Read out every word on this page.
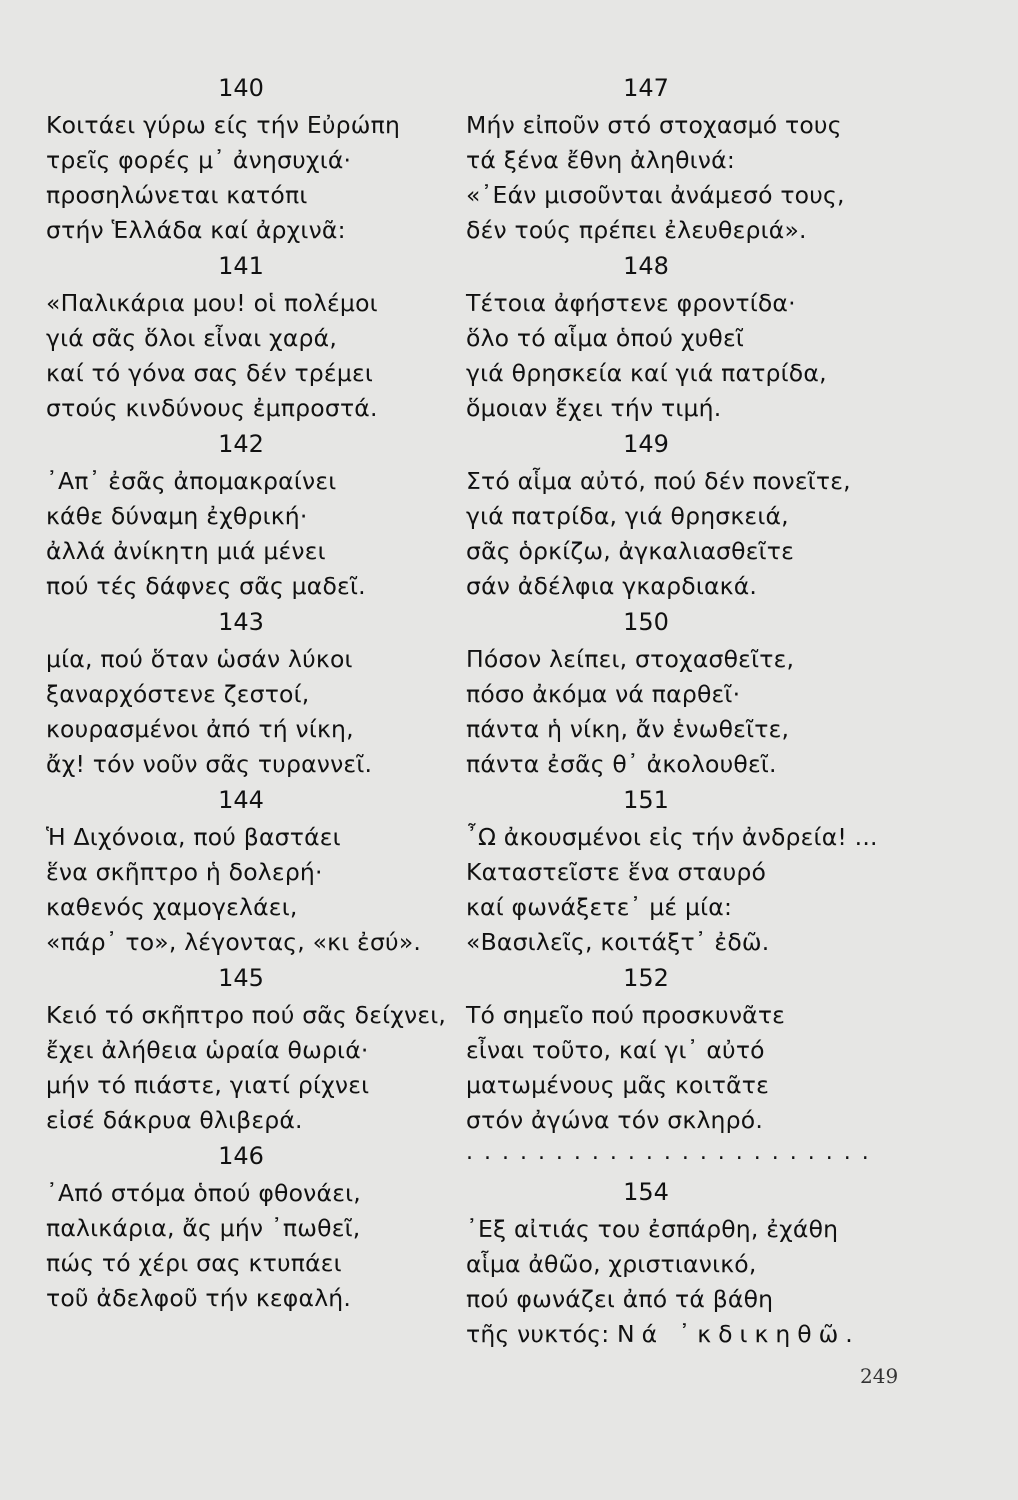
140
Κοιτάει γύρω είς τήν Εὐρώπη
τρεῖς φορές μ᾽ ἀνησυχιά·
προσηλώνεται κατόπι
στήν Ἑλλάδα καί ἀρχινᾶ:
141
«Παλικάρια μου! οἱ πολέμοι
γιά σᾶς ὅλοι εἶναι χαρά,
καί τό γόνα σας δέν τρέμει
στούς κινδύνους ἐμπροστά.
142
᾽Απ᾽ ἐσᾶς ἀπομακραίνει
κάθε δύναμη ἐχθρική·
ἀλλά ἀνίκητη μιά μένει
πού τές δάφνες σᾶς μαδεῖ.
143
μία, πού ὅταν ὡσάν λύκοι
ξαναρχόστενε ζεστοί,
κουρασμένοι ἀπό τή νίκη,
ἄχ! τόν νοῦν σᾶς τυραννεῖ.
144
Ἡ Διχόνοια, πού βαστάει
ἕνα σκῆπτρο ἡ δολερή·
καθενός χαμογελάει,
«πάρ᾽ το», λέγοντας, «κι ἐσύ».
145
Κειό τό σκῆπτρο πού σᾶς δείχνει,
ἔχει ἀλήθεια ὡραία θωριά·
μήν τό πιάστε, γιατί ρίχνει
εἰσέ δάκρυα θλιβερά.
146
᾽Από στόμα ὁπού φθονάει,
παλικάρια, ἄς μήν ᾽πωθεῖ,
πώς τό χέρι σας κτυπάει
τοῦ ἀδελφοῦ τήν κεφαλή.
147
Μήν εἰποῦν στό στοχασμό τους
τά ξένα ἔθνη ἀληθινά:
«᾽Εάν μισοῦνται ἀνάμεσό τους,
δέν τούς πρέπει ἐλευθεριά».
148
Τέτοια ἀφήστενε φροντίδα·
ὅλο τό αἷμα ὁπού χυθεῖ
γιά θρησκεία καί γιά πατρίδα,
ὅμοιαν ἔχει τήν τιμή.
149
Στό αἷμα αὐτό, πού δέν πονεῖτε,
γιά πατρίδα, γιά θρησκειά,
σᾶς ὁρκίζω, ἀγκαλιασθεῖτε
σάν ἀδέλφια γκαρδιακά.
150
Πόσον λείπει, στοχασθεῖτε,
πόσο ἀκόμα νά παρθεῖ·
πάντα ἡ νίκη, ἄν ἑνωθεῖτε,
πάντα ἐσᾶς θ᾽ ἀκολουθεῖ.
151
῏Ω ἀκουσμένοι εἰς τήν ἀνδρεία! ...
Καταστεῖστε ἕνα σταυρό
καί φωνάξετε᾽ μέ μία:
«Βασιλεῖς, κοιτάξτ᾽ ἐδῶ.
152
Τό σημεῖο πού προσκυνᾶτε
εἶναι τοῦτο, καί γι᾽ αὐτό
ματωμένους μᾶς κοιτᾶτε
στόν ἀγώνα τόν σκληρό.
. . . . . . . . . . . . . . . . . . . . . . .
154
᾽Εξ αἰτιάς του ἐσπάρθη, ἐχάθη
αἷμα ἀθῶο, χριστιανικό,
πού φωνάζει ἀπό τά βάθη
τῆς νυκτός: Νά ᾽κδικηθῶ.
249
